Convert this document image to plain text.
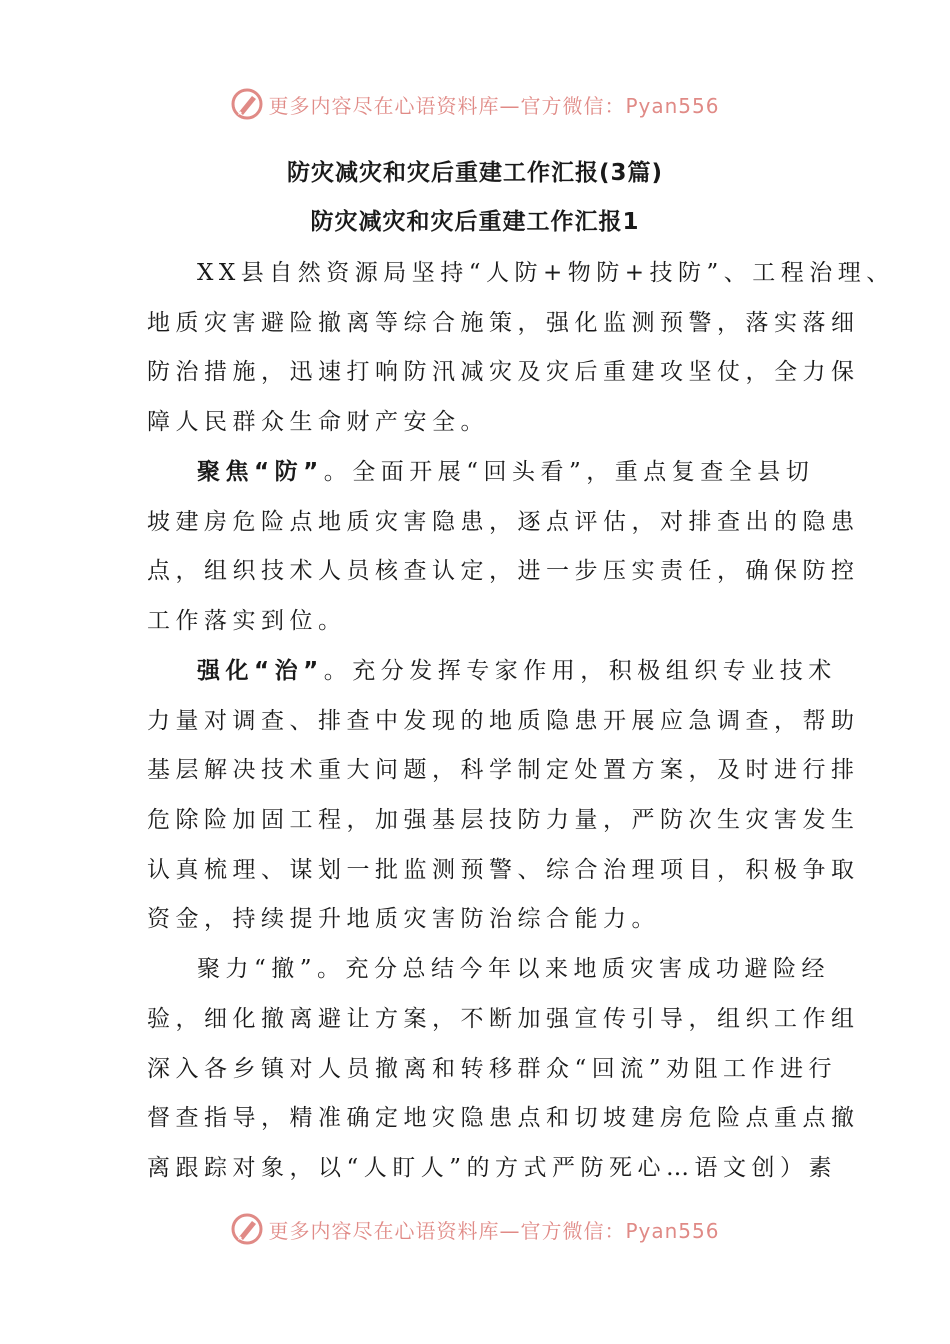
更多内容尽在心语资料库—官方微信：Pyan556
防灾减灾和灾后重建工作汇报(3篇)
防灾减灾和灾后重建工作汇报1
XX县自然资源局坚持“人防+物防+技防”、工程治理、
地质灾害避险撤离等综合施策，强化监测预警，落实落细
防治措施，迅速打响防汛减灾及灾后重建攻坚仗，全力保
障人民群众生命财产安全。
聚焦“防”。全面开展“回头看”，重点复查全县切
坡建房危险点地质灾害隐患，逐点评估，对排查出的隐患
点，组织技术人员核查认定，进一步压实责任，确保防控
工作落实到位。
强化“治”。充分发挥专家作用，积极组织专业技术
力量对调查、排查中发现的地质隐患开展应急调查，帮助
基层解决技术重大问题，科学制定处置方案，及时进行排
危除险加固工程，加强基层技防力量，严防次生灾害发生
认真梳理、谋划一批监测预警、综合治理项目，积极争取
资金，持续提升地质灾害防治综合能力。
聚力“撤”。充分总结今年以来地质灾害成功避险经
验，细化撤离避让方案，不断加强宣传引导，组织工作组
深入各乡镇对人员撤离和转移群众“回流”劝阻工作进行
督查指导，精准确定地灾隐患点和切坡建房危险点重点撤
离跟踪对象，以“人盯人”的方式严防死心…语文创）素
更多内容尽在心语资料库—官方微信：Pyan556
